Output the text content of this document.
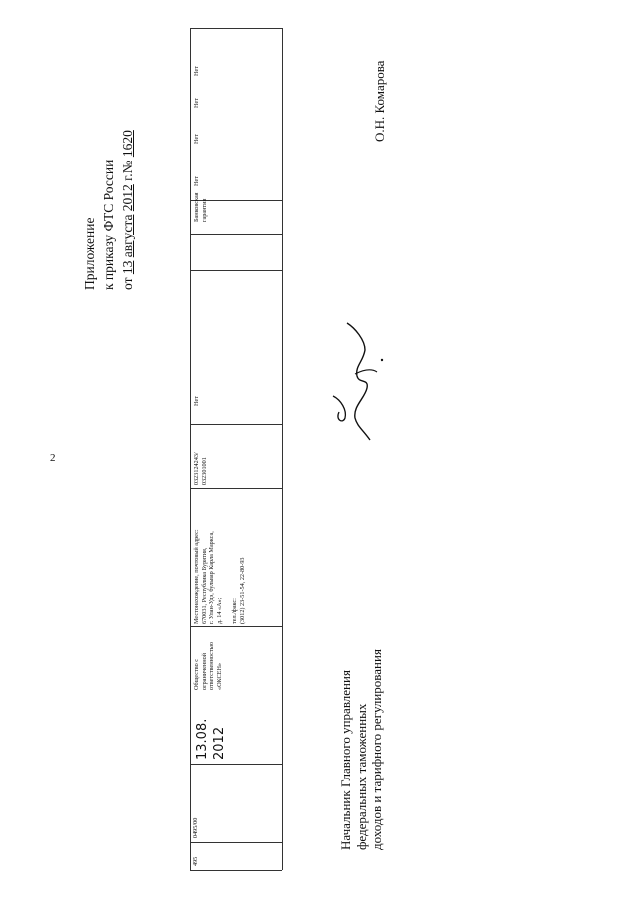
2
Приложение к приказу ФТС России от 13 августа 2012 г.№ 1620
495
0495/00
13.08. 2012
Общество с ограниченной ответственностью «ОКСЕН»
Местонахождение, почтовый адрес: 670031, Республика Бурятия, г. Улан-Удэ, бульвар Карла Маркса, д. 14 «А»;
тел./факс: (3012) 23-51-54, 22-80-93
0323124243/ 032301001
Нет
Банковская гарантия
Нет
Нет
Нет
Нет
Начальник Главного управления федеральных таможенных доходов и тарифного регулирования
О.Н. Комарова
